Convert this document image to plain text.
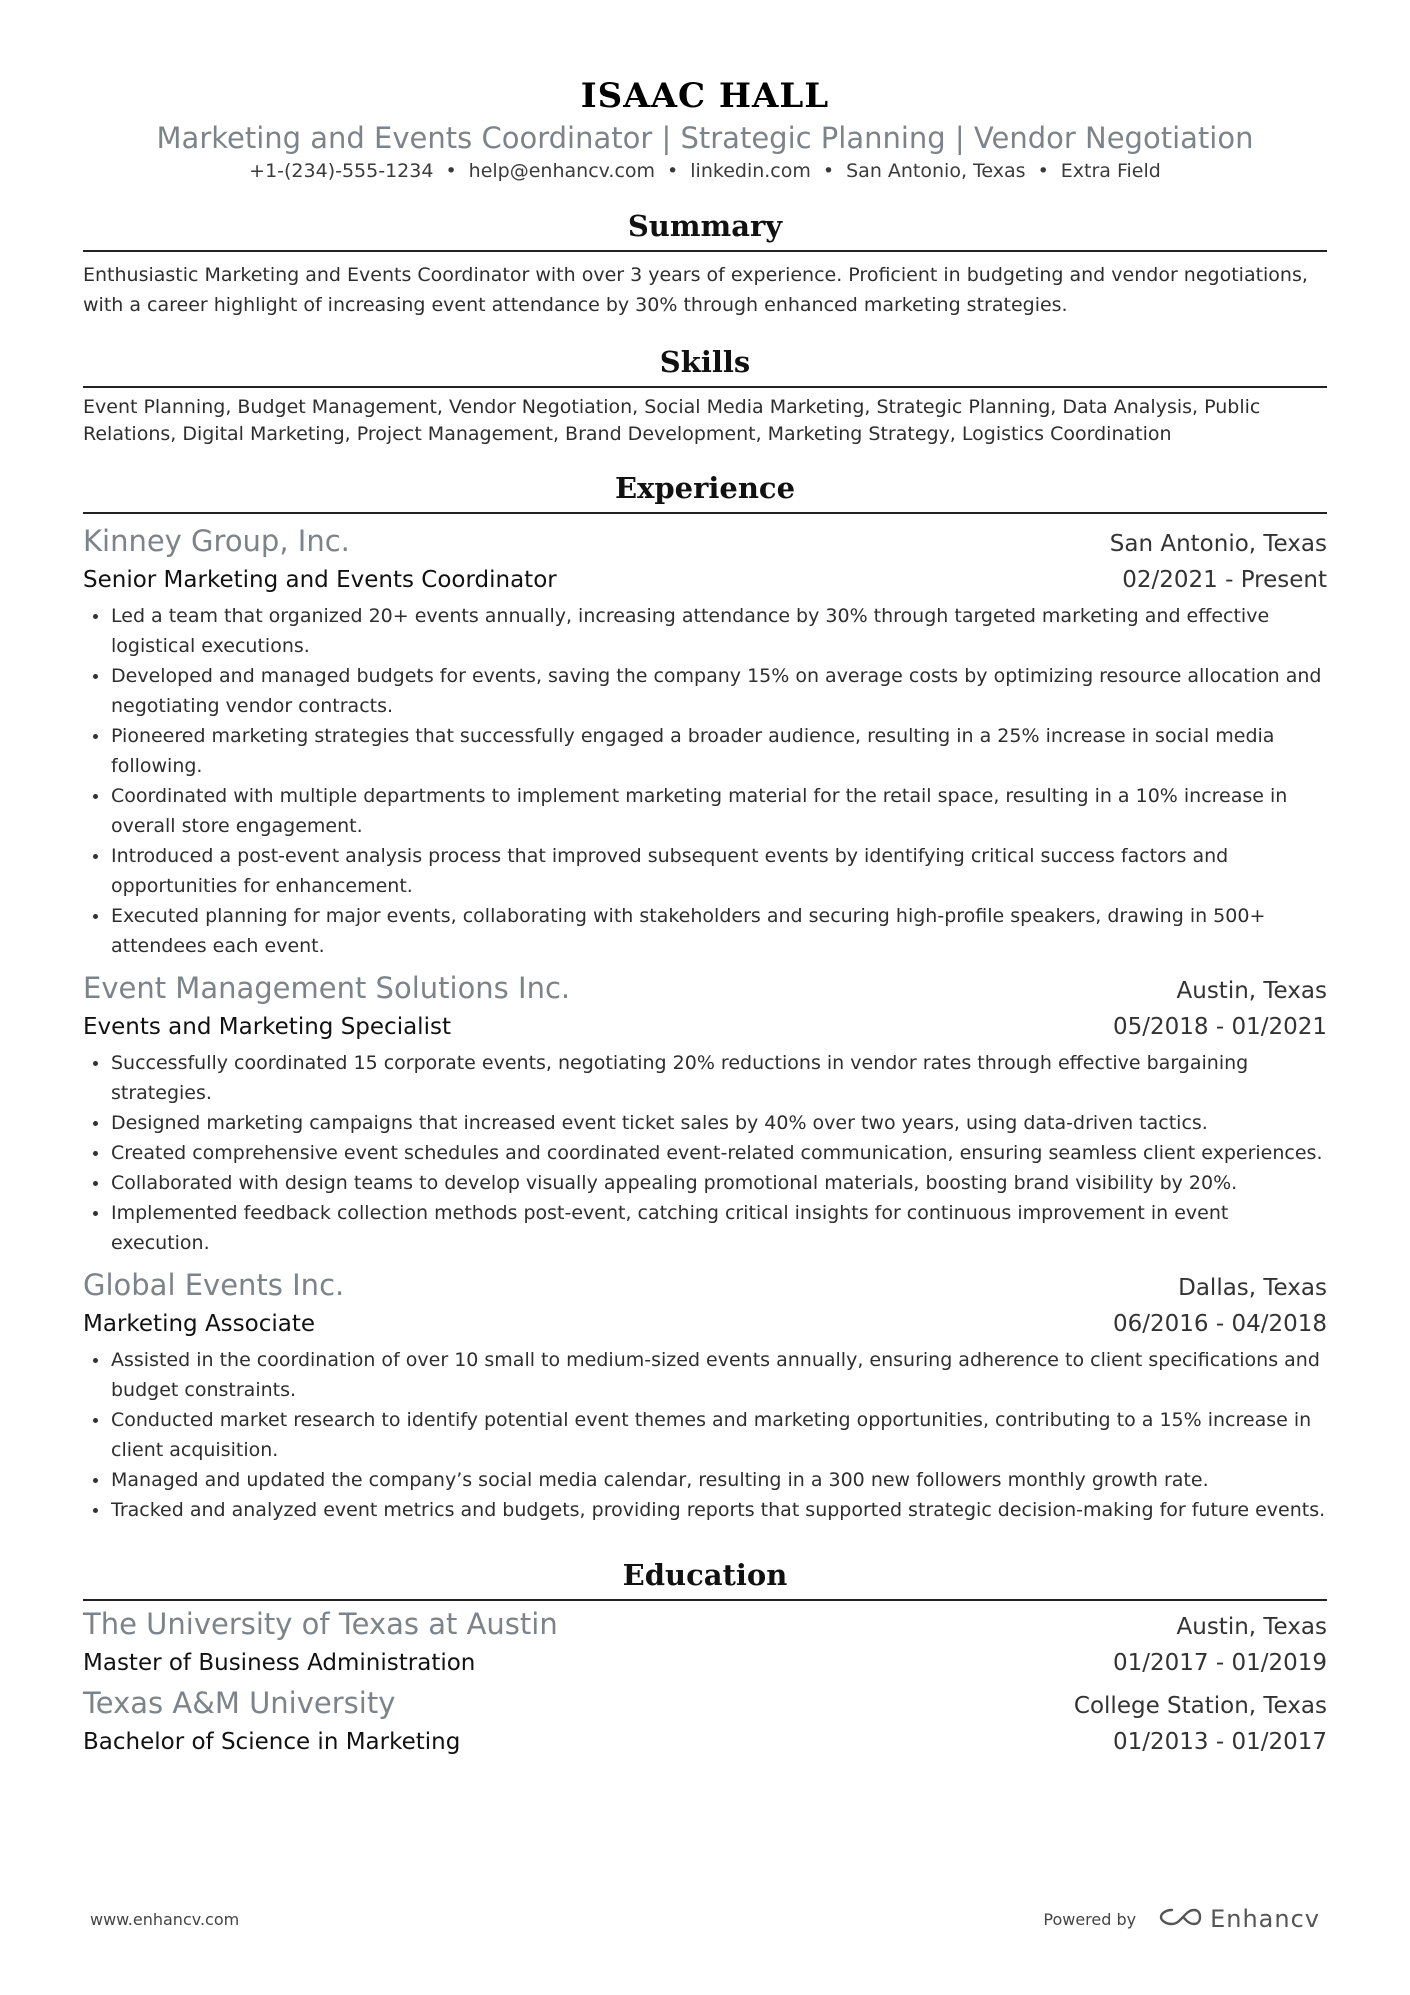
ISAAC HALL
Marketing and Events Coordinator | Strategic Planning | Vendor Negotiation
+1-(234)-555-1234 • help@enhancv.com • linkedin.com • San Antonio, Texas • Extra Field
Summary
Enthusiastic Marketing and Events Coordinator with over 3 years of experience. Proficient in budgeting and vendor negotiations, with a career highlight of increasing event attendance by 30% through enhanced marketing strategies.
Skills
Event Planning, Budget Management, Vendor Negotiation, Social Media Marketing, Strategic Planning, Data Analysis, Public Relations, Digital Marketing, Project Management, Brand Development, Marketing Strategy, Logistics Coordination
Experience
Kinney Group, Inc.	San Antonio, Texas
Senior Marketing and Events Coordinator	02/2021 - Present
Led a team that organized 20+ events annually, increasing attendance by 30% through targeted marketing and effective logistical executions.
Developed and managed budgets for events, saving the company 15% on average costs by optimizing resource allocation and negotiating vendor contracts.
Pioneered marketing strategies that successfully engaged a broader audience, resulting in a 25% increase in social media following.
Coordinated with multiple departments to implement marketing material for the retail space, resulting in a 10% increase in overall store engagement.
Introduced a post-event analysis process that improved subsequent events by identifying critical success factors and opportunities for enhancement.
Executed planning for major events, collaborating with stakeholders and securing high-profile speakers, drawing in 500+ attendees each event.
Event Management Solutions Inc.	Austin, Texas
Events and Marketing Specialist	05/2018 - 01/2021
Successfully coordinated 15 corporate events, negotiating 20% reductions in vendor rates through effective bargaining strategies.
Designed marketing campaigns that increased event ticket sales by 40% over two years, using data-driven tactics.
Created comprehensive event schedules and coordinated event-related communication, ensuring seamless client experiences.
Collaborated with design teams to develop visually appealing promotional materials, boosting brand visibility by 20%.
Implemented feedback collection methods post-event, catching critical insights for continuous improvement in event execution.
Global Events Inc.	Dallas, Texas
Marketing Associate	06/2016 - 04/2018
Assisted in the coordination of over 10 small to medium-sized events annually, ensuring adherence to client specifications and budget constraints.
Conducted market research to identify potential event themes and marketing opportunities, contributing to a 15% increase in client acquisition.
Managed and updated the company’s social media calendar, resulting in a 300 new followers monthly growth rate.
Tracked and analyzed event metrics and budgets, providing reports that supported strategic decision-making for future events.
Education
The University of Texas at Austin	Austin, Texas
Master of Business Administration	01/2017 - 01/2019
Texas A&M University	College Station, Texas
Bachelor of Science in Marketing	01/2013 - 01/2017
www.enhancv.com	Powered by	Enhancv
